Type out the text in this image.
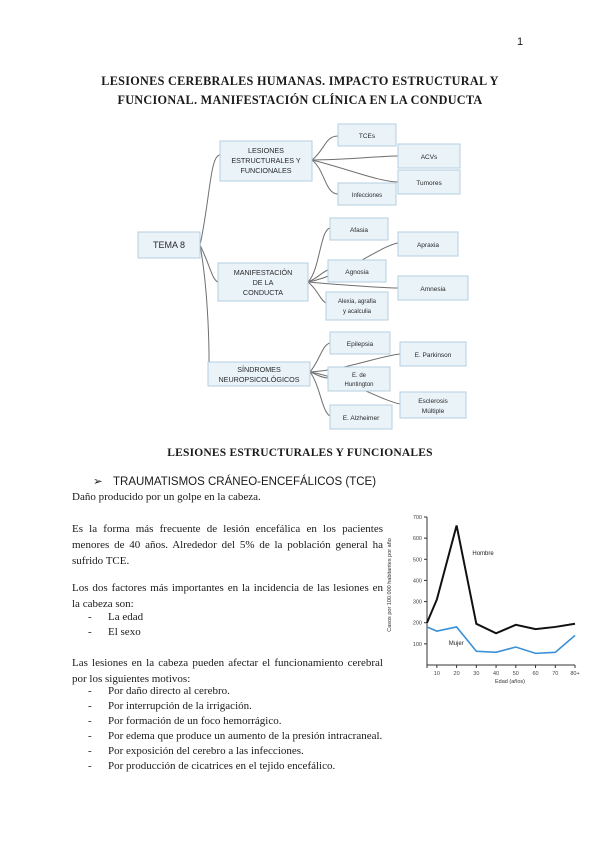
1
LESIONES CEREBRALES HUMANAS. IMPACTO ESTRUCTURAL Y
FUNCIONAL. MANIFESTACIÓN CLÍNICA EN LA CONDUCTA
TEMA 8
LESIONES
ESTRUCTURALES Y
FUNCIONALES
MANIFESTACIÓN
DE LA
CONDUCTA
SÍNDROMES
NEUROPSICOLÓGICOS
TCEs
ACVs
Tumores
Infecciones
Afasia
Apraxia
Agnosia
Amnesia
Alexia, agrafia
y acalculia
Epilepsia
E. Parkinson
E. de
Huntington
Esclerosis
Múltiple
E. Alzheimer
LESIONES ESTRUCTURALES Y FUNCIONALES
➢ TRAUMATISMOS CRÁNEO-ENCEFÁLICOS (TCE)

Daño producido por un golpe en la cabeza.

Es la forma más frecuente de lesión encefálica en los pacientes
menores de 40 años. Alrededor del 5% de la población general ha
sufrido TCE.
Los dos factores más importantes en la incidencia de las lesiones en
la cabeza son:
- La edad
- El sexo
Las lesiones en la cabeza pueden afectar el funcionamiento cerebral
por los siguientes motivos:
- Por daño directo al cerebro.
- Por interrupción de la irrigación.
- Por formación de un foco hemorrágico.
- Por edema que produce un aumento de la presión intracraneal.
- Por exposición del cerebro a las infecciones.
- Por producción de cicatrices en el tejido encefálico.
100
200
300
400
500
600
700
10 20 30 40 50 60 70 80+
Hombre
Mujer
Casos por 100.000 habitantes por año
Edad (años)
